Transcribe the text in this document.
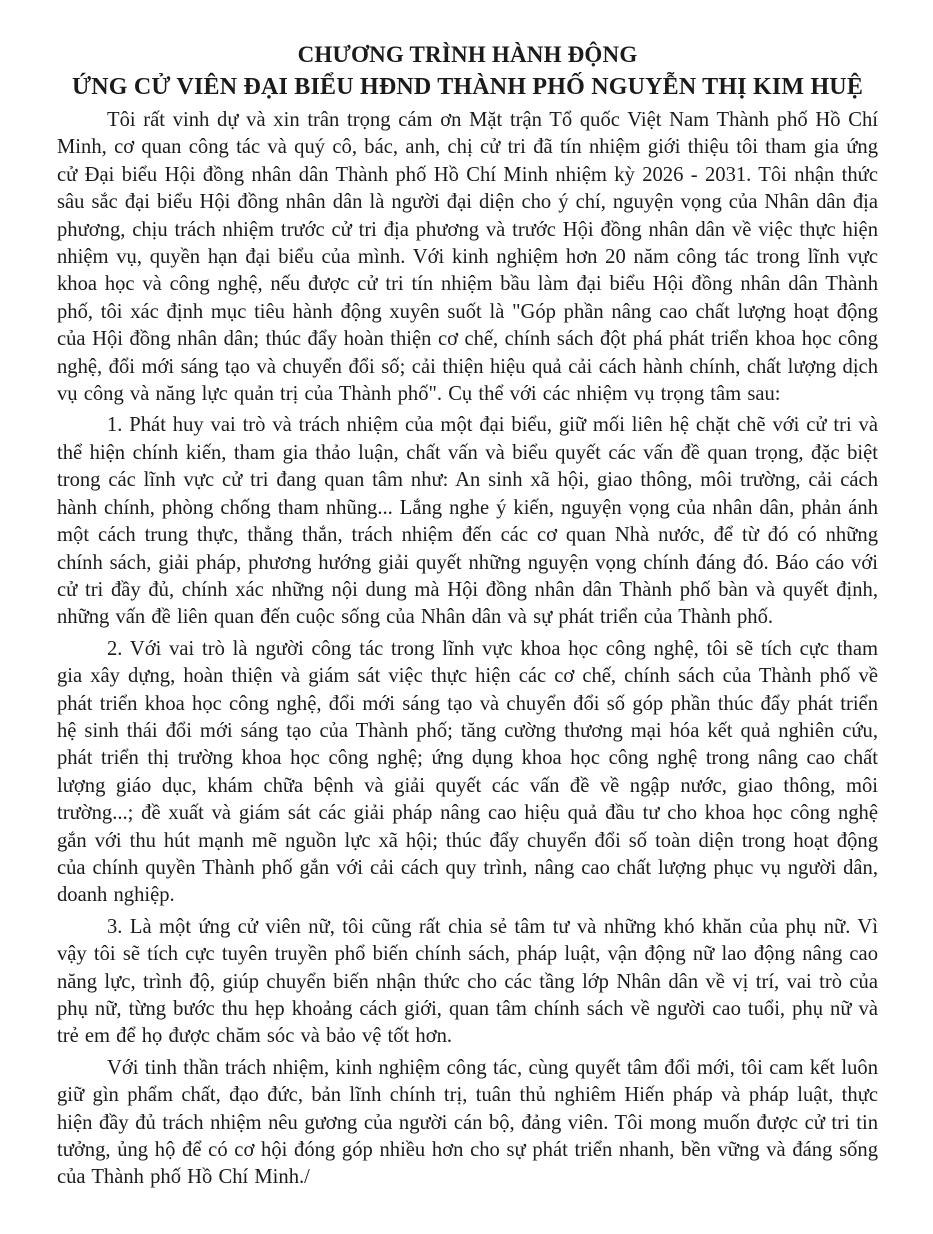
CHƯƠNG TRÌNH HÀNH ĐỘNG
ỨNG CỬ VIÊN ĐẠI BIỂU HĐND THÀNH PHỐ NGUYỄN THỊ KIM HUỆ

Tôi rất vinh dự và xin trân trọng cám ơn Mặt trận Tổ quốc Việt Nam Thành phố Hồ Chí Minh, cơ quan công tác và quý cô, bác, anh, chị cử tri đã tín nhiệm giới thiệu tôi tham gia ứng cử Đại biểu Hội đồng nhân dân Thành phố Hồ Chí Minh nhiệm kỳ 2026 - 2031. Tôi nhận thức sâu sắc đại biểu Hội đồng nhân dân là người đại diện cho ý chí, nguyện vọng của Nhân dân địa phương, chịu trách nhiệm trước cử tri địa phương và trước Hội đồng nhân dân về việc thực hiện nhiệm vụ, quyền hạn đại biểu của mình. Với kinh nghiệm hơn 20 năm công tác trong lĩnh vực khoa học và công nghệ, nếu được cử tri tín nhiệm bầu làm đại biểu Hội đồng nhân dân Thành phố, tôi xác định mục tiêu hành động xuyên suốt là "Góp phần nâng cao chất lượng hoạt động của Hội đồng nhân dân; thúc đẩy hoàn thiện cơ chế, chính sách đột phá phát triển khoa học công nghệ, đổi mới sáng tạo và chuyển đổi số; cải thiện hiệu quả cải cách hành chính, chất lượng dịch vụ công và năng lực quản trị của Thành phố". Cụ thể với các nhiệm vụ trọng tâm sau:

1. Phát huy vai trò và trách nhiệm của một đại biểu, giữ mối liên hệ chặt chẽ với cử tri và thể hiện chính kiến, tham gia thảo luận, chất vấn và biểu quyết các vấn đề quan trọng, đặc biệt trong các lĩnh vực cử tri đang quan tâm như: An sinh xã hội, giao thông, môi trường, cải cách hành chính, phòng chống tham nhũng... Lắng nghe ý kiến, nguyện vọng của nhân dân, phản ánh một cách trung thực, thẳng thắn, trách nhiệm đến các cơ quan Nhà nước, để từ đó có những chính sách, giải pháp, phương hướng giải quyết những nguyện vọng chính đáng đó. Báo cáo với cử tri đầy đủ, chính xác những nội dung mà Hội đồng nhân dân Thành phố bàn và quyết định, những vấn đề liên quan đến cuộc sống của Nhân dân và sự phát triển của Thành phố.

2. Với vai trò là người công tác trong lĩnh vực khoa học công nghệ, tôi sẽ tích cực tham gia xây dựng, hoàn thiện và giám sát việc thực hiện các cơ chế, chính sách của Thành phố về phát triển khoa học công nghệ, đổi mới sáng tạo và chuyển đổi số góp phần thúc đẩy phát triển hệ sinh thái đổi mới sáng tạo của Thành phố; tăng cường thương mại hóa kết quả nghiên cứu, phát triển thị trường khoa học công nghệ; ứng dụng khoa học công nghệ trong nâng cao chất lượng giáo dục, khám chữa bệnh và giải quyết các vấn đề về ngập nước, giao thông, môi trường...; đề xuất và giám sát các giải pháp nâng cao hiệu quả đầu tư cho khoa học công nghệ gắn với thu hút mạnh mẽ nguồn lực xã hội; thúc đẩy chuyển đổi số toàn diện trong hoạt động của chính quyền Thành phố gắn với cải cách quy trình, nâng cao chất lượng phục vụ người dân, doanh nghiệp.

3. Là một ứng cử viên nữ, tôi cũng rất chia sẻ tâm tư và những khó khăn của phụ nữ. Vì vậy tôi sẽ tích cực tuyên truyền phổ biến chính sách, pháp luật, vận động nữ lao động nâng cao năng lực, trình độ, giúp chuyển biến nhận thức cho các tầng lớp Nhân dân về vị trí, vai trò của phụ nữ, từng bước thu hẹp khoảng cách giới, quan tâm chính sách về người cao tuổi, phụ nữ và trẻ em để họ được chăm sóc và bảo vệ tốt hơn.

Với tinh thần trách nhiệm, kinh nghiệm công tác, cùng quyết tâm đổi mới, tôi cam kết luôn giữ gìn phẩm chất, đạo đức, bản lĩnh chính trị, tuân thủ nghiêm Hiến pháp và pháp luật, thực hiện đầy đủ trách nhiệm nêu gương của người cán bộ, đảng viên. Tôi mong muốn được cử tri tin tưởng, ủng hộ để có cơ hội đóng góp nhiều hơn cho sự phát triển nhanh, bền vững và đáng sống của Thành phố Hồ Chí Minh./
